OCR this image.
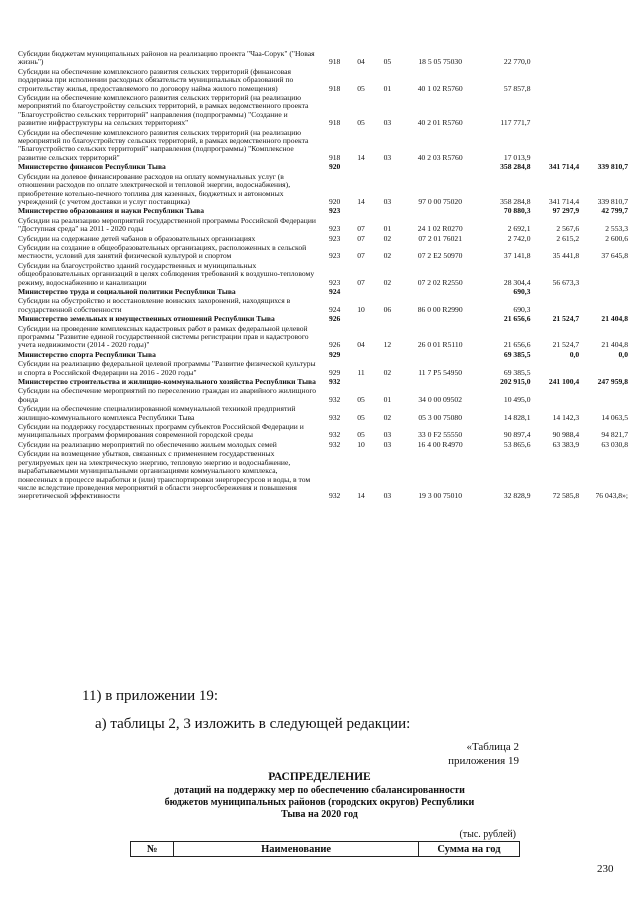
Субсидии бюджетам муниципальных районов на реализацию проекта "Чаа-Сорук" ("Новая жизнь")	918	04	05	18 5 05 75030	22 770,0		
Субсидии на обеспечение комплексного развития сельских территорий (финансовая поддержка при исполнении расходных обязательств муниципальных образований по строительству жилья, предоставляемого по договору найма жилого помещения)	918	05	01	40 1 02 R5760	57 857,8		
Субсидии на обеспечение комплексного развития сельских территорий (на реализацию мероприятий по благоустройству сельских территорий, в рамках ведомственного проекта "Благоустройство сельских территорий" направления (подпрограммы) "Создание и развитие инфраструктуры на сельских территориях"	918	05	03	40 2 01 R5760	117 771,7		
Субсидии на обеспечение комплексного развития сельских территорий (на реализацию мероприятий по благоустройству сельских территорий, в рамках ведомственного проекта "Благоустройство сельских территорий" направления (подпрограммы) "Комплексное развитие сельских территорий"	918	14	03	40 2 03 R5760	17 013,9		
Министерство финансов Республики Тыва	920				358 284,8	341 714,4	339 810,7
Субсидии на долевое финансирование расходов на оплату коммунальных услуг (в отношении расходов по оплате электрической и тепловой энергии, водоснабжения), приобретение котельно-печного топлива для казенных, бюджетных и автономных учреждений (с учетом доставки и услуг поставщика)	920	14	03	97 0 00 75020	358 284,8	341 714,4	339 810,7
Министерство образования и науки Республики Тыва	923				70 880,3	97 297,9	42 799,7
Субсидии на реализацию мероприятий государственной программы Российской Федерации "Доступная среда" на 2011 - 2020 годы	923	07	01	24 1 02 R0270	2 692,1	2 567,6	2 553,3
Субсидии на содержание детей чабанов в образовательных организациях	923	07	02	07 2 01 76021	2 742,0	2 615,2	2 600,6
Субсидии на создание в общеобразовательных организациях, расположенных в сельской местности, условий для занятий физической культурой и спортом	923	07	02	07 2 E2 50970	37 141,8	35 441,8	37 645,8
Субсидии на благоустройство зданий государственных и муниципальных общеобразовательных организаций в целях соблюдения требований к воздушно-тепловому режиму, водоснабжению и канализации	923	07	02	07 2 02 R2550	28 304,4	56 673,3	
Министерство труда и социальной политики Республики Тыва	924				690,3		
Субсидии на обустройство и восстановление воинских захоронений, находящихся в государственной собственности	924	10	06	86 0 00 R2990	690,3		
Министерство земельных и имущественных отношений Республики Тыва	926				21 656,6	21 524,7	21 404,8
Субсидии на проведение комплексных кадастровых работ в рамках федеральной целевой программы "Развитие единой государственной системы регистрации прав и кадастрового учета недвижимости (2014 - 2020 годы)"	926	04	12	26 0 01 R5110	21 656,6	21 524,7	21 404,8
Министерство спорта Республики Тыва	929				69 385,5	0,0	0,0
Субсидии на реализацию федеральной целевой программы "Развитие физической культуры и спорта в Российской Федерации на 2016 - 2020 годы"	929	11	02	11 7 P5 54950	69 385,5		
Министерство строительства и жилищно-коммунального хозяйства Республики Тыва	932				202 915,0	241 100,4	247 959,8
Субсидии на обеспечение мероприятий по переселению граждан из аварийного жилищного фонда	932	05	01	34 0 00 09502	10 495,0		
Субсидии на обеспечение специализированной коммунальной техникой предприятий жилищно-коммунального комплекса Республики Тыва	932	05	02	05 3 00 75080	14 828,1	14 142,3	14 063,5
Субсидии на поддержку государственных программ субъектов Российской Федерации и муниципальных программ формирования современной городской среды	932	05	03	33 0 F2 55550	90 897,4	90 988,4	94 821,7
Субсидии на реализацию мероприятий по обеспечению жильем молодых семей	932	10	03	16 4 00 R4970	53 865,6	63 383,9	63 030,8
Субсидии на возмещение убытков, связанных с применением государственных регулируемых цен на электрическую энергию, тепловую энергию и водоснабжение, вырабатываемыми муниципальными организациями коммунального комплекса, понесенных в процессе выработки и (или) транспортировки энергоресурсов и воды, в том числе вследствие проведения мероприятий в области энергосбережения и повышения энергетической эффективности	932	14	03	19 3 00 75010	32 828,9	72 585,8	76 043,8»;
11) в приложении 19:
а) таблицы 2, 3 изложить в следующей редакции:
«Таблица 2
приложения 19
РАСПРЕДЕЛЕНИЕ
дотаций на поддержку мер по обеспечению сбалансированности
бюджетов муниципальных районов (городских округов) Республики
Тыва на 2020 год
(тыс. рублей)
№	Наименование	Сумма на год
230
